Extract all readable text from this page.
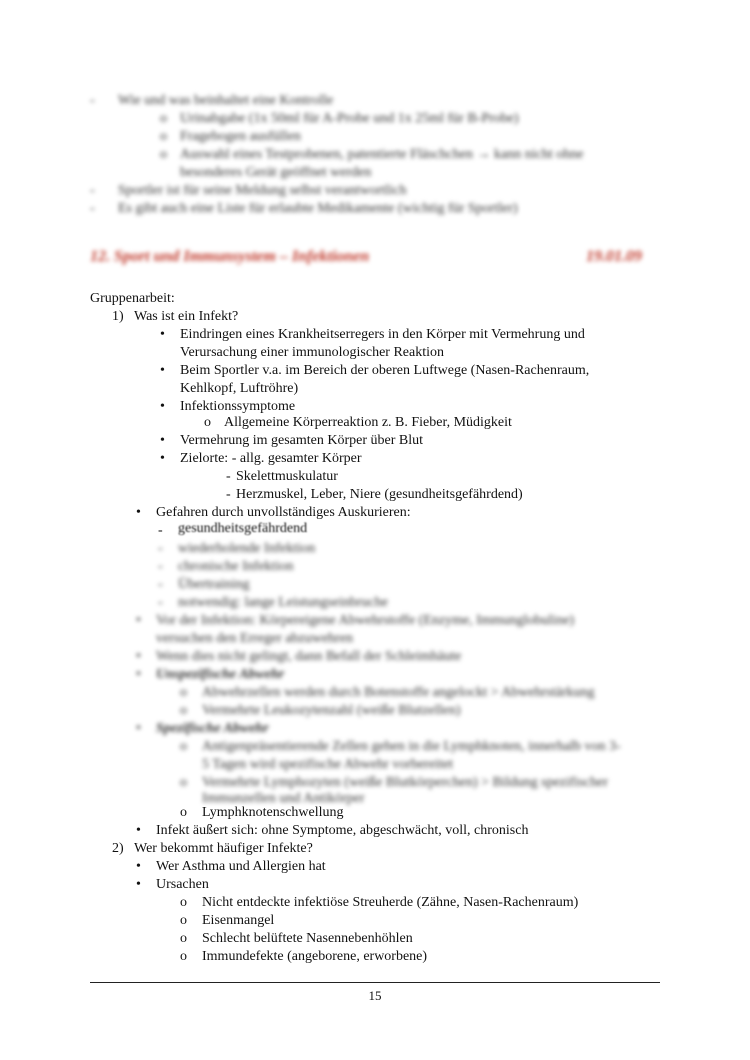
- Wie und was beinhaltet eine Kontrolle
o Urinabgabe (1x 50ml für A-Probe und 1x 25ml für B-Probe)
o Fragebogen ausfüllen
o Auswahl eines Testprobenen, patentierte Fläschchen → kann nicht ohne
besonderes Gerät geöffnet werden
- Sportler ist für seine Meldung selbst verantwortlich
- Es gibt auch eine Liste für erlaubte Medikamente (wichtig für Sportler)
12. Sport und Immunsystem – Infektionen	19.01.09
Gruppenarbeit:
1) Was ist ein Infekt?
• Eindringen eines Krankheitserregers in den Körper mit Vermehrung und
Verursachung einer immunologischer Reaktion
• Beim Sportler v.a. im Bereich der oberen Luftwege (Nasen-Rachenraum,
Kehlkopf, Luftröhre)
• Infektionssymptome
o Allgemeine Körperreaktion z. B. Fieber, Müdigkeit
• Vermehrung im gesamten Körper über Blut
• Zielorte: - allg. gesamter Körper
- Skelettmuskulatur
- Herzmuskel, Leber, Niere (gesundheitsgefährdend)
• Gefahren durch unvollständiges Auskurieren:
- gesundheitsgefährdend
- wiederholende Infektion
- chronische Infektion
- Übertraining
- notwendig: lange Leistungseinbruche
• Vor der Infektion: Körpereigene Abwehrstoffe (Enzyme, Immunglobuline)
versuchen den Erreger abzuwehren
• Wenn dies nicht gelingt, dann Befall der Schleimhäute
• Unspezifische Abwehr
o Abwehrzellen werden durch Botenstoffe angelockt > Abwehrstärkung
o Vermehrte Leukozytenzahl (weiße Blutzellen)
• Spezifische Abwehr
o Antigenpräsentierende Zellen gehen in die Lymphknoten, innerhalb von 3-
5 Tagen wird spezifische Abwehr vorbereitet
o Vermehrte Lymphozyten (weiße Blutkörperchen) > Bildung spezifischer
Immunzellen und Antikörper
o Lymphknotenschwellung
• Infekt äußert sich: ohne Symptome, abgeschwächt, voll, chronisch
2) Wer bekommt häufiger Infekte?
• Wer Asthma und Allergien hat
• Ursachen
o Nicht entdeckte infektiöse Streuherde (Zähne, Nasen-Rachenraum)
o Eisenmangel
o Schlecht belüftete Nasennebenhöhlen
o Immundefekte (angeborene, erworbene)
15
